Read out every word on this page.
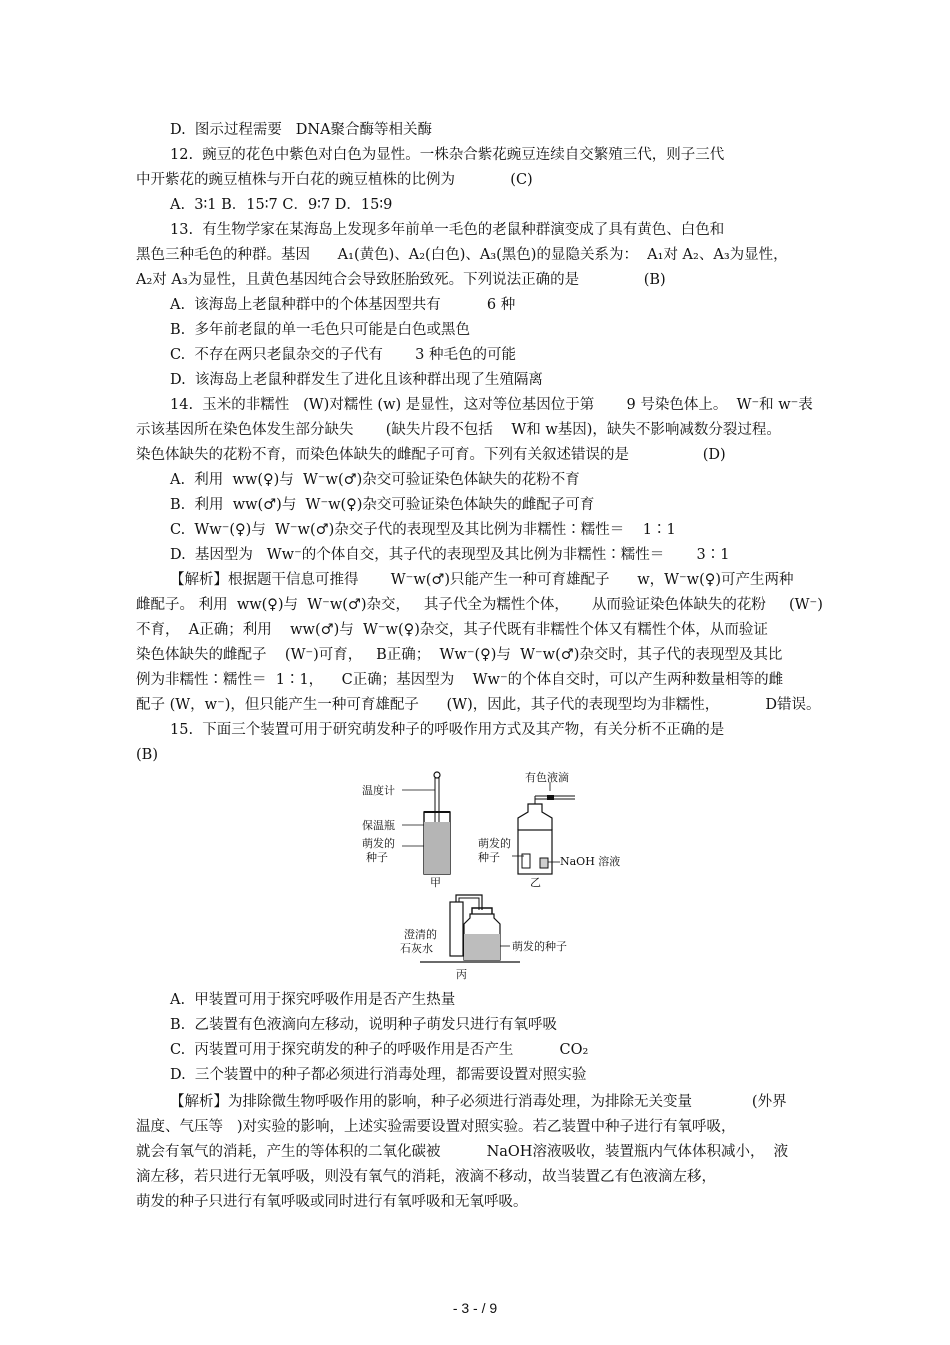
D.  图示过程需要   DNA聚合酶等相关酶
12.  豌豆的花色中紫色对白色为显性。一株杂合紫花豌豆连续自交繁殖三代，则子三代
中开紫花的豌豆植株与开白花的豌豆植株的比例为            (C)
A.  3∶1 B．15∶7 C．9∶7 D．15∶9
13.  有生物学家在某海岛上发现多年前单一毛色的老鼠种群演变成了具有黄色、白色和
黑色三种毛色的种群。基因      A₁(黄色)、A₂(白色)、A₃(黑色)的显隐关系为：  A₁对 A₂、A₃为显性，
A₂对 A₃为显性，且黄色基因纯合会导致胚胎致死。下列说法正确的是              (B)
A.  该海岛上老鼠种群中的个体基因型共有          6 种
B.  多年前老鼠的单一毛色只可能是白色或黑色
C.  不存在两只老鼠杂交的子代有       3 种毛色的可能
D.  该海岛上老鼠种群发生了进化且该种群出现了生殖隔离
14.  玉米的非糯性   (W)对糯性 (w) 是显性，这对等位基因位于第       9 号染色体上。  W⁻和 w⁻表
示该基因所在染色体发生部分缺失       (缺失片段不包括    W和 w基因)，缺失不影响减数分裂过程。
染色体缺失的花粉不育，而染色体缺失的雌配子可育。下列有关叙述错误的是                (D)
A.  利用  ww(♀)与  W⁻w(♂)杂交可验证染色体缺失的花粉不育
B.  利用  ww(♂)与  W⁻w(♀)杂交可验证染色体缺失的雌配子可育
C.  Ww⁻(♀)与  W⁻w(♂)杂交子代的表现型及其比例为非糯性∶糯性＝    1∶1
D.  基因型为   Ww⁻的个体自交，其子代的表现型及其比例为非糯性∶糯性＝       3∶1
【解析】根据题干信息可推得       W⁻w(♂)只能产生一种可育雄配子      w，W⁻w(♀)可产生两种
雌配子。 利用  ww(♀)与  W⁻w(♂)杂交，   其子代全为糯性个体，     从而验证染色体缺失的花粉     (W⁻)
不育，  A正确；利用    ww(♂)与  W⁻w(♀)杂交，其子代既有非糯性个体又有糯性个体，从而验证
染色体缺失的雌配子    (W⁻)可育，   B正确；  Ww⁻(♀)与  W⁻w(♂)杂交时，其子代的表现型及其比
例为非糯性∶糯性＝  1∶1，    C正确；基因型为    Ww⁻的个体自交时，可以产生两种数量相等的雌
配子 (W，w⁻)，但只能产生一种可育雄配子      (W)，因此，其子代的表现型均为非糯性，          D错误。
15.  下面三个装置可用于研究萌发种子的呼吸作用方式及其产物，有关分析不正确的是
(B)
温度计
保温瓶
萌发的
种子
甲
有色液滴
萌发的
种子	NaOH 溶液
乙
澄清的
石灰水	萌发的种子
丙
A.  甲装置可用于探究呼吸作用是否产生热量
B.  乙装置有色液滴向左移动，说明种子萌发只进行有氧呼吸
C.  丙装置可用于探究萌发的种子的呼吸作用是否产生          CO₂
D.  三个装置中的种子都必须进行消毒处理，都需要设置对照实验
【解析】为排除微生物呼吸作用的影响，种子必须进行消毒处理，为排除无关变量             (外界
温度、气压等   )对实验的影响，上述实验需要设置对照实验。若乙装置中种子进行有氧呼吸，
就会有氧气的消耗，产生的等体积的二氧化碳被          NaOH溶液吸收，装置瓶内气体体积减小，  液
滴左移，若只进行无氧呼吸，则没有氧气的消耗，液滴不移动，故当装置乙有色液滴左移，
萌发的种子只进行有氧呼吸或同时进行有氧呼吸和无氧呼吸。
- 3 - / 9
